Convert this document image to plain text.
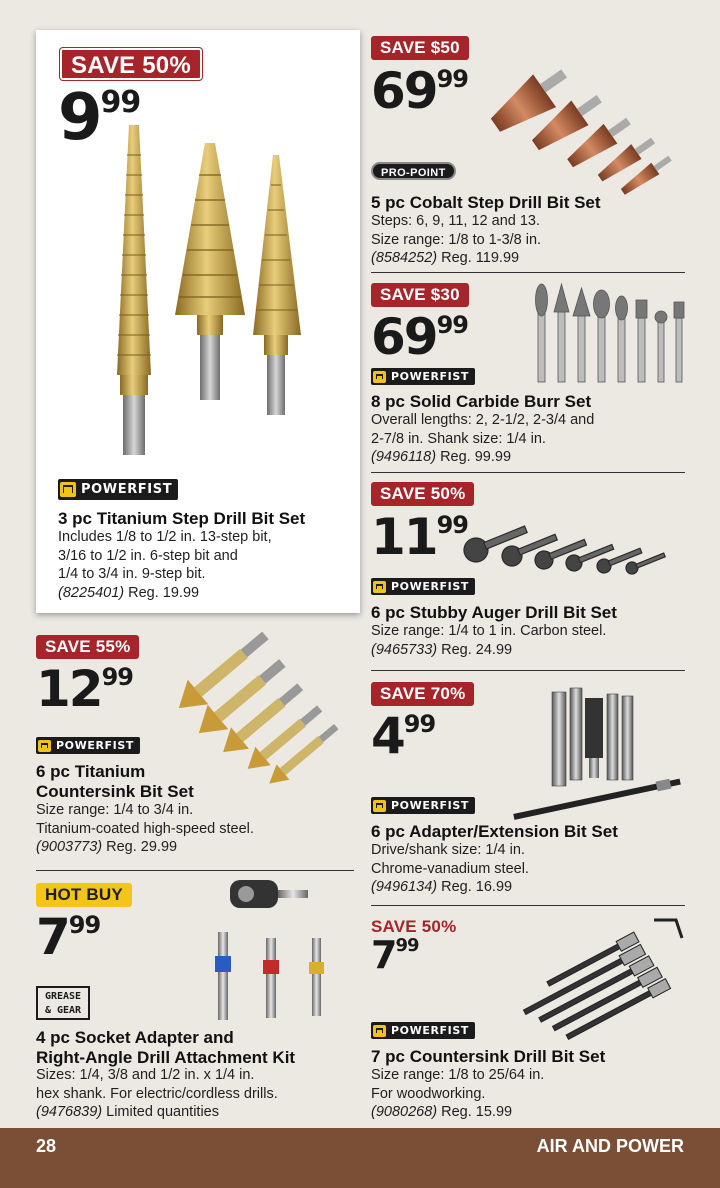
SAVE 50%
999
POWERFIST
3 pc Titanium Step Drill Bit Set
Includes 1/8 to 1/2 in. 13-step bit,
3/16 to 1/2 in. 6-step bit and
1/4 to 3/4 in. 9-step bit.
(8225401) Reg. 19.99
SAVE $50
6999
PRO-POINT
5 pc Cobalt Step Drill Bit Set
Steps: 6, 9, 11, 12 and 13.
Size range: 1/8 to 1-3/8 in.
(8584252) Reg. 119.99
SAVE $30
6999
POWERFIST
8 pc Solid Carbide Burr Set
Overall lengths: 2, 2-1/2, 2-3/4 and
2-7/8 in. Shank size: 1/4 in.
(9496118) Reg. 99.99
SAVE 50%
1199
POWERFIST
6 pc Stubby Auger Drill Bit Set
Size range: 1/4 to 1 in. Carbon steel.
(9465733) Reg. 24.99
SAVE 55%
1299
POWERFIST
6 pc Titanium
Countersink Bit Set
Size range: 1/4 to 3/4 in.
Titanium-coated high-speed steel.
(9003773) Reg. 29.99
SAVE 70%
499
POWERFIST
6 pc Adapter/Extension Bit Set
Drive/shank size: 1/4 in.
Chrome-vanadium steel.
(9496134) Reg. 16.99
HOT BUY
799
GREASE
& GEAR
4 pc Socket Adapter and
Right-Angle Drill Attachment Kit
Sizes: 1/4, 3/8 and 1/2 in. x 1/4 in.
hex shank. For electric/cordless drills.
(9476839) Limited quantities
SAVE 50%
799
POWERFIST
7 pc Countersink Drill Bit Set
Size range: 1/8 to 25/64 in.
For woodworking.
(9080268) Reg. 15.99
28	AIR AND POWER
